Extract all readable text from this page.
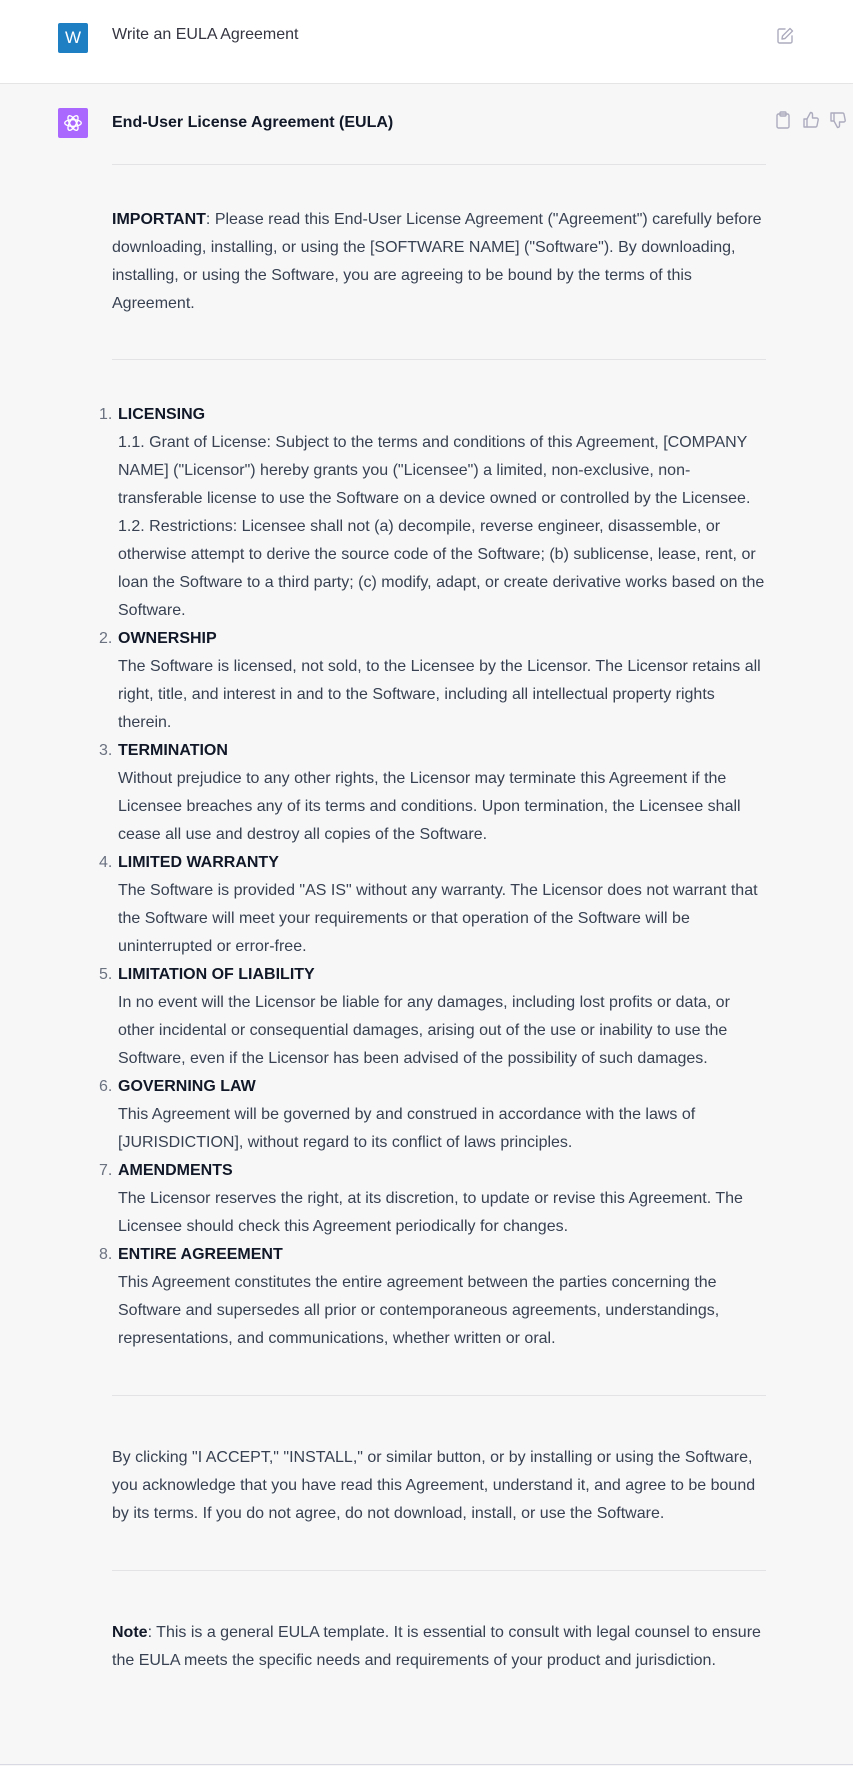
W	Write an EULA Agreement
End-User License Agreement (EULA)

IMPORTANT: Please read this End-User License Agreement ("Agreement") carefully before downloading, installing, or using the [SOFTWARE NAME] ("Software"). By downloading, installing, or using the Software, you are agreeing to be bound by the terms of this Agreement.

1. LICENSING
1.1. Grant of License: Subject to the terms and conditions of this Agreement, [COMPANY NAME] ("Licensor") hereby grants you ("Licensee") a limited, non-exclusive, non-transferable license to use the Software on a device owned or controlled by the Licensee.
1.2. Restrictions: Licensee shall not (a) decompile, reverse engineer, disassemble, or otherwise attempt to derive the source code of the Software; (b) sublicense, lease, rent, or loan the Software to a third party; (c) modify, adapt, or create derivative works based on the Software.
2. OWNERSHIP
The Software is licensed, not sold, to the Licensee by the Licensor. The Licensor retains all right, title, and interest in and to the Software, including all intellectual property rights therein.
3. TERMINATION
Without prejudice to any other rights, the Licensor may terminate this Agreement if the Licensee breaches any of its terms and conditions. Upon termination, the Licensee shall cease all use and destroy all copies of the Software.
4. LIMITED WARRANTY
The Software is provided "AS IS" without any warranty. The Licensor does not warrant that the Software will meet your requirements or that operation of the Software will be uninterrupted or error-free.
5. LIMITATION OF LIABILITY
In no event will the Licensor be liable for any damages, including lost profits or data, or other incidental or consequential damages, arising out of the use or inability to use the Software, even if the Licensor has been advised of the possibility of such damages.
6. GOVERNING LAW
This Agreement will be governed by and construed in accordance with the laws of [JURISDICTION], without regard to its conflict of laws principles.
7. AMENDMENTS
The Licensor reserves the right, at its discretion, to update or revise this Agreement. The Licensee should check this Agreement periodically for changes.
8. ENTIRE AGREEMENT
This Agreement constitutes the entire agreement between the parties concerning the Software and supersedes all prior or contemporaneous agreements, understandings, representations, and communications, whether written or oral.

By clicking "I ACCEPT," "INSTALL," or similar button, or by installing or using the Software, you acknowledge that you have read this Agreement, understand it, and agree to be bound by its terms. If you do not agree, do not download, install, or use the Software.

Note: This is a general EULA template. It is essential to consult with legal counsel to ensure the EULA meets the specific needs and requirements of your product and jurisdiction.
